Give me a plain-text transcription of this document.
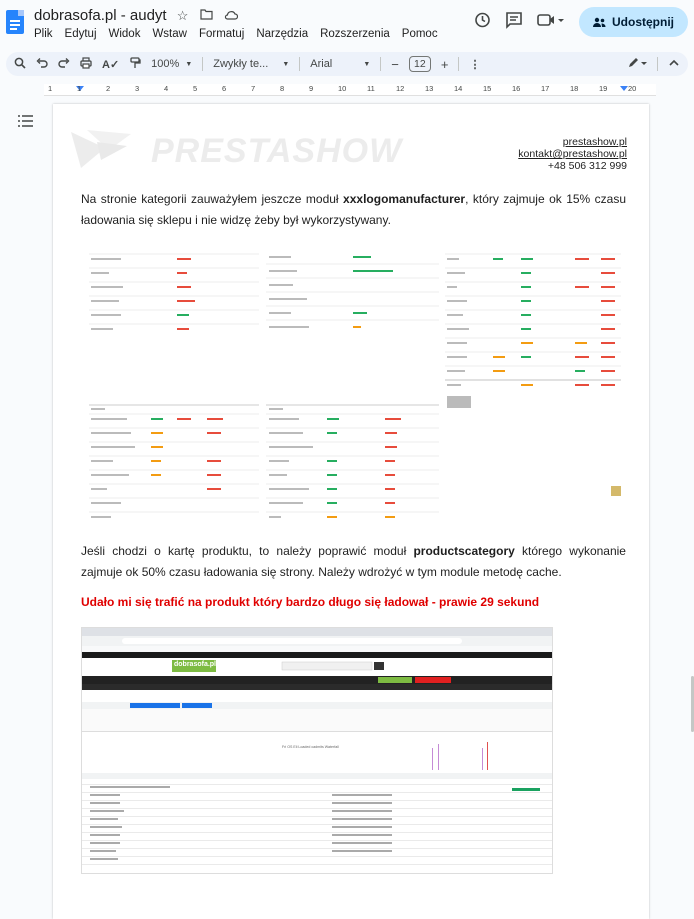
dobrasofa.pl - audyt ☆
Plik Edytuj Widok Wstaw Formatuj Narzędzia Rozszerzenia Pomoc
Udostępnij
A✓	100% ▼ Zwykły te... ▼ Arial	▼ −	12	+ ⋮
1	1	2	3	4	5	6	7	8	9	10	11	12	13	14	15	16	17	18	19	20
PRESTASHOW	prestashow.pl
kontakt@prestashow.pl
+48 506 312 999
Na stronie kategorii zauważyłem jeszcze moduł xxxlogomanufacturer, który zajmuje ok 15% czasu ładowania się sklepu i nie widzę żeby był wykorzystywany.
Jeśli chodzi o kartę produktu, to należy poprawić moduł productscategory którego wykonanie zajmuje ok 50% czasu ładowania się strony. Należy wdrożyć w tym module metodę cache.
Udało mi się trafić na produkt który bardzo długo się ładował - prawie 29 sekund
dobrasofa.pl
Fri OS Eli Loaded cadmits Waterfall
